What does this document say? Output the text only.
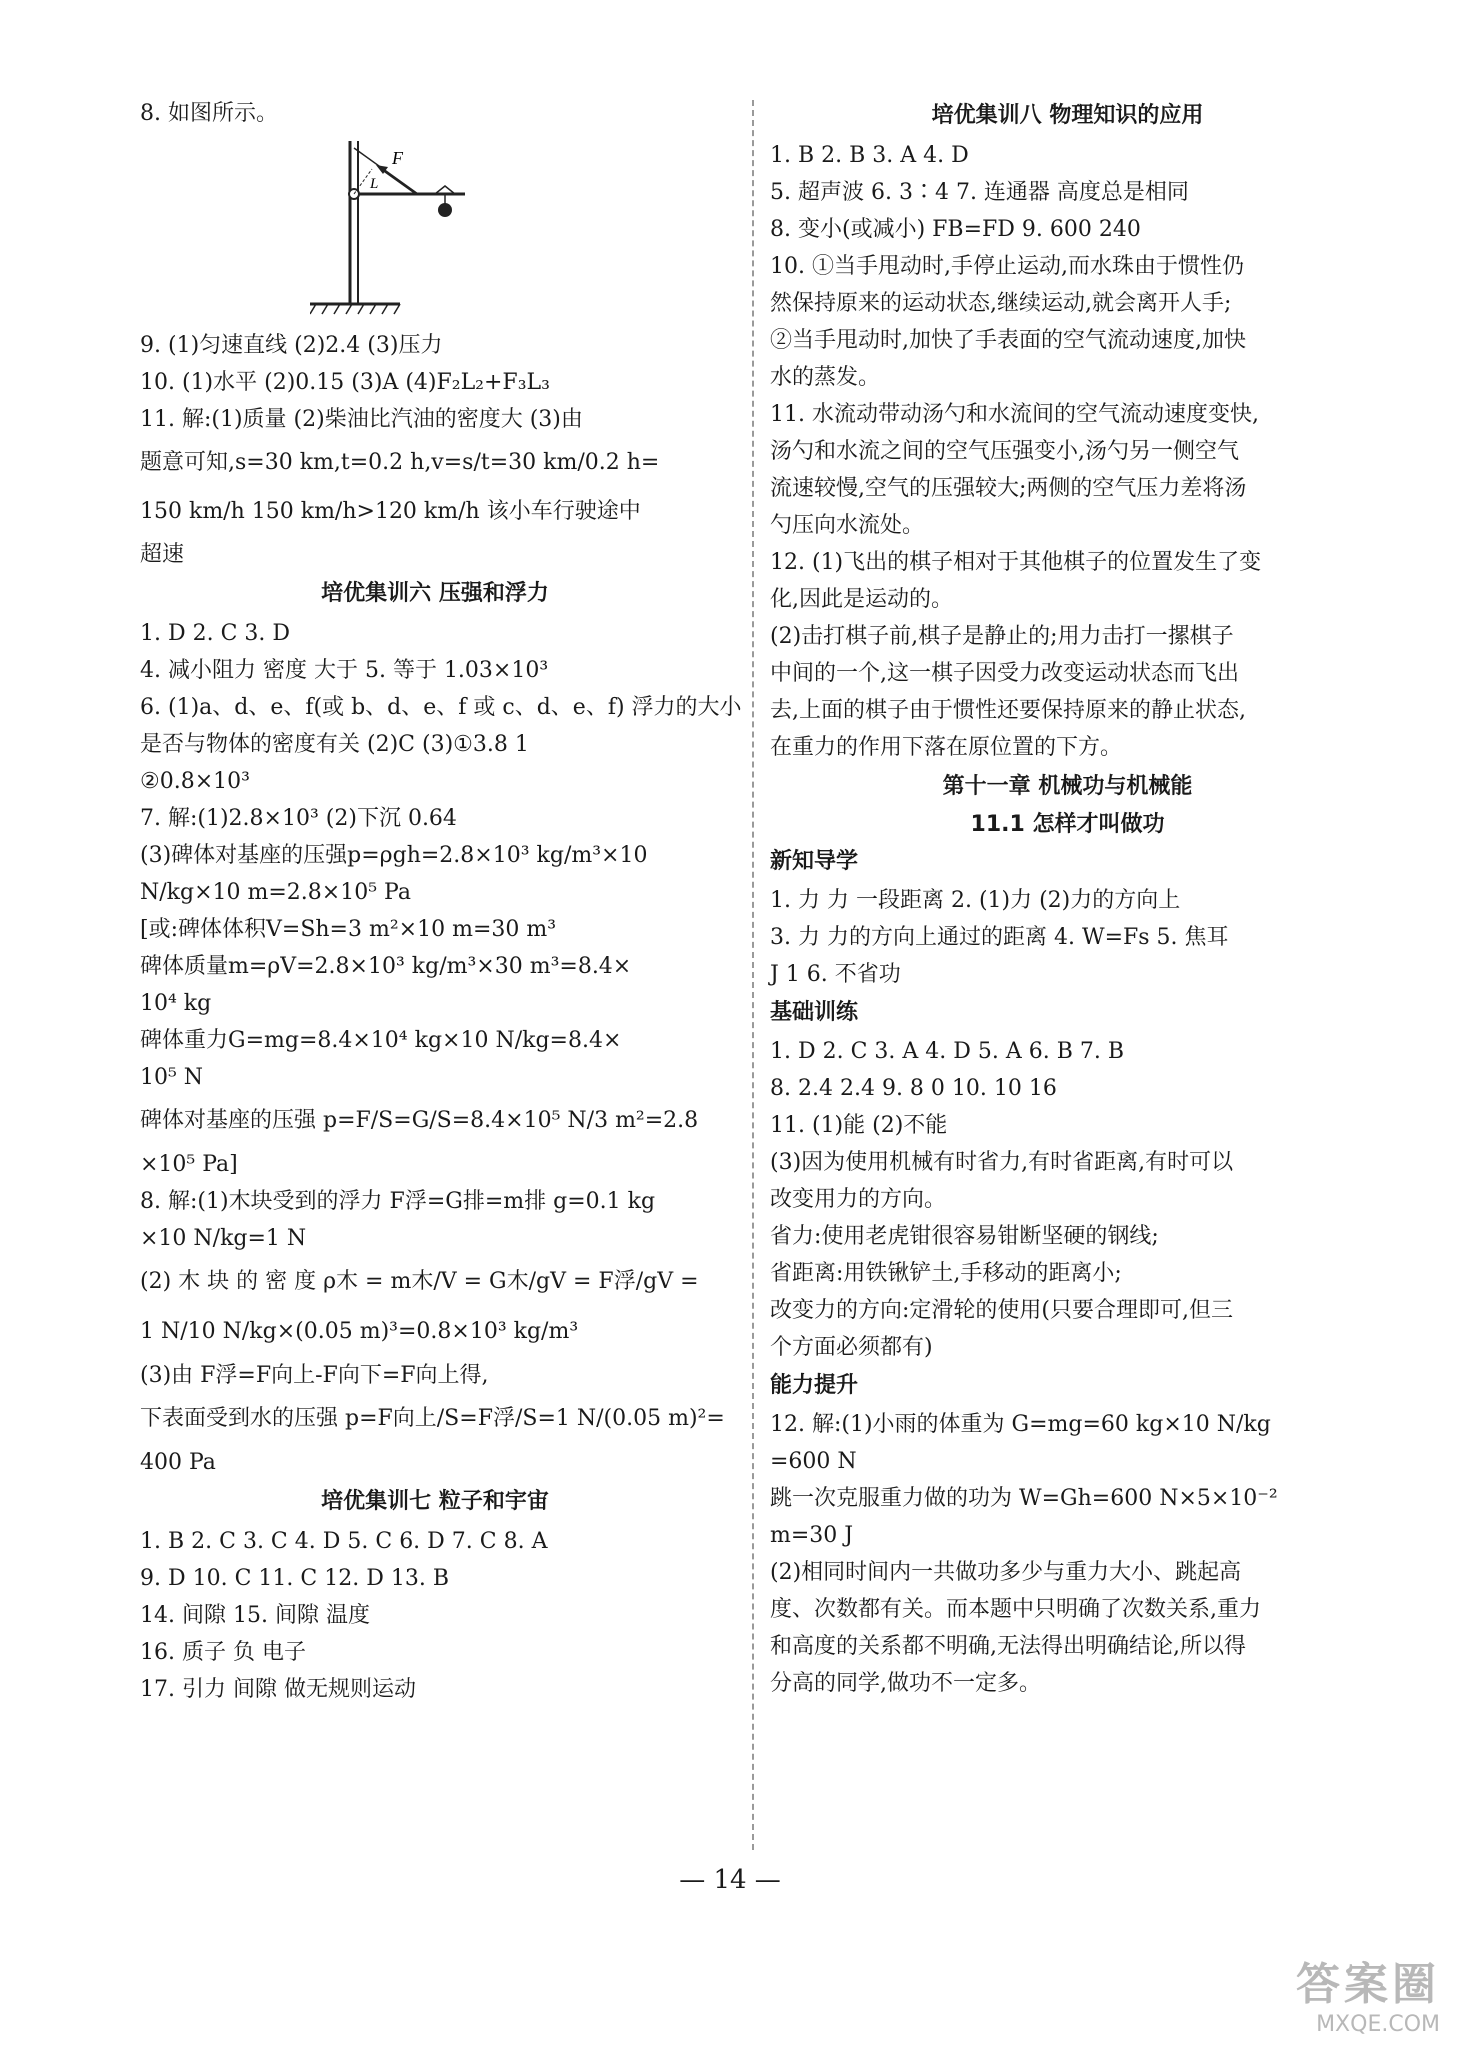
8. 如图所示。
F
L
9. (1)匀速直线 (2)2.4 (3)压力
10. (1)水平 (2)0.15 (3)A (4)F₂L₂+F₃L₃
11. 解:(1)质量 (2)柴油比汽油的密度大 (3)由
题意可知,s=30 km,t=0.2 h,v=s/t=30 km/0.2 h=
150 km/h 150 km/h>120 km/h 该小车行驶途中
超速
培优集训六 压强和浮力
1. D 2. C 3. D
4. 减小阻力 密度 大于 5. 等于 1.03×10³
6. (1)a、d、e、f(或 b、d、e、f 或 c、d、e、f) 浮力的大小
是否与物体的密度有关 (2)C (3)①3.8 1
②0.8×10³
7. 解:(1)2.8×10³ (2)下沉 0.64
(3)碑体对基座的压强p=ρgh=2.8×10³ kg/m³×10
N/kg×10 m=2.8×10⁵ Pa
[或:碑体体积V=Sh=3 m²×10 m=30 m³
碑体质量m=ρV=2.8×10³ kg/m³×30 m³=8.4×
10⁴ kg
碑体重力G=mg=8.4×10⁴ kg×10 N/kg=8.4×
10⁵ N
碑体对基座的压强 p=F/S=G/S=8.4×10⁵ N/3 m²=2.8
×10⁵ Pa]
8. 解:(1)木块受到的浮力 F浮=G排=m排 g=0.1 kg
×10 N/kg=1 N
(2) 木 块 的 密 度 ρ木 = m木/V = G木/gV = F浮/gV =
1 N/10 N/kg×(0.05 m)³=0.8×10³ kg/m³
(3)由 F浮=F向上-F向下=F向上得,
下表面受到水的压强 p=F向上/S=F浮/S=1 N/(0.05 m)²=
400 Pa
培优集训七 粒子和宇宙
1. B 2. C 3. C 4. D 5. C 6. D 7. C 8. A
9. D 10. C 11. C 12. D 13. B
14. 间隙 15. 间隙 温度
16. 质子 负 电子
17. 引力 间隙 做无规则运动
培优集训八 物理知识的应用
1. B 2. B 3. A 4. D
5. 超声波 6. 3∶4 7. 连通器 高度总是相同
8. 变小(或减小) FB=FD 9. 600 240
10. ①当手甩动时,手停止运动,而水珠由于惯性仍
然保持原来的运动状态,继续运动,就会离开人手;
②当手甩动时,加快了手表面的空气流动速度,加快
水的蒸发。
11. 水流动带动汤勺和水流间的空气流动速度变快,
汤勺和水流之间的空气压强变小,汤勺另一侧空气
流速较慢,空气的压强较大;两侧的空气压力差将汤
勺压向水流处。
12. (1)飞出的棋子相对于其他棋子的位置发生了变
化,因此是运动的。
(2)击打棋子前,棋子是静止的;用力击打一摞棋子
中间的一个,这一棋子因受力改变运动状态而飞出
去,上面的棋子由于惯性还要保持原来的静止状态,
在重力的作用下落在原位置的下方。
第十一章 机械功与机械能
11.1 怎样才叫做功
新知导学
1. 力 力 一段距离 2. (1)力 (2)力的方向上
3. 力 力的方向上通过的距离 4. W=Fs 5. 焦耳
J 1 6. 不省功
基础训练
1. D 2. C 3. A 4. D 5. A 6. B 7. B
8. 2.4 2.4 9. 8 0 10. 10 16
11. (1)能 (2)不能
(3)因为使用机械有时省力,有时省距离,有时可以
改变用力的方向。
省力:使用老虎钳很容易钳断坚硬的钢线;
省距离:用铁锹铲土,手移动的距离小;
改变力的方向:定滑轮的使用(只要合理即可,但三
个方面必须都有)
能力提升
12. 解:(1)小雨的体重为 G=mg=60 kg×10 N/kg
=600 N
跳一次克服重力做的功为 W=Gh=600 N×5×10⁻²
m=30 J
(2)相同时间内一共做功多少与重力大小、跳起高
度、次数都有关。而本题中只明确了次数关系,重力
和高度的关系都不明确,无法得出明确结论,所以得
分高的同学,做功不一定多。
— 14 —
答案圈
MXQE.COM
